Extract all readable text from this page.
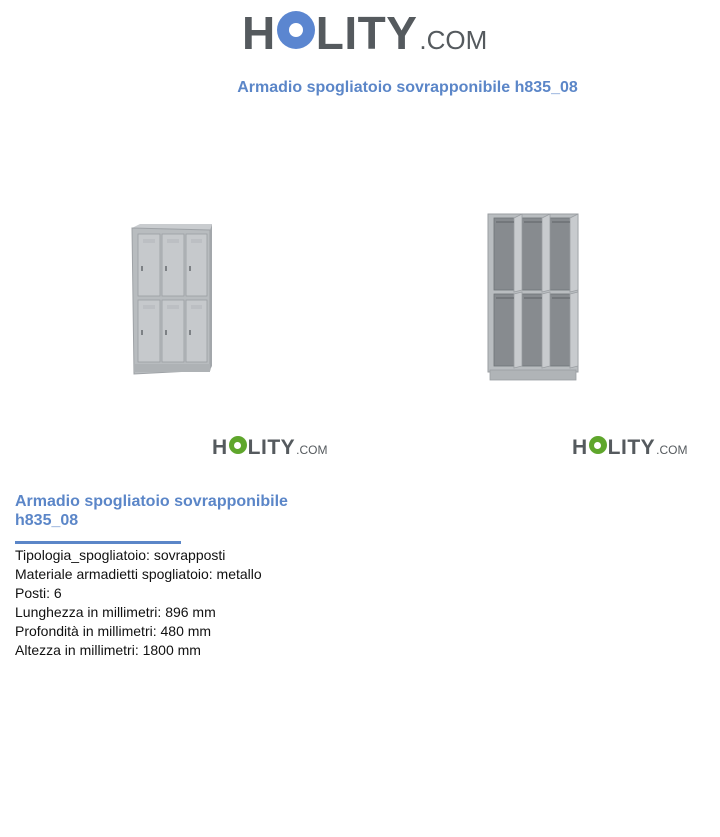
H LITY .COM
Armadio spogliatoio sovrapponibile h835_08
H LITY .COM	H LITY .COM
Armadio spogliatoio sovrapponibile h835_08
Tipologia_spogliatoio: sovrapposti
Materiale armadietti spogliatoio: metallo
Posti: 6
Lunghezza in millimetri: 896 mm
Profondità in millimetri: 480 mm
Altezza in millimetri: 1800 mm
